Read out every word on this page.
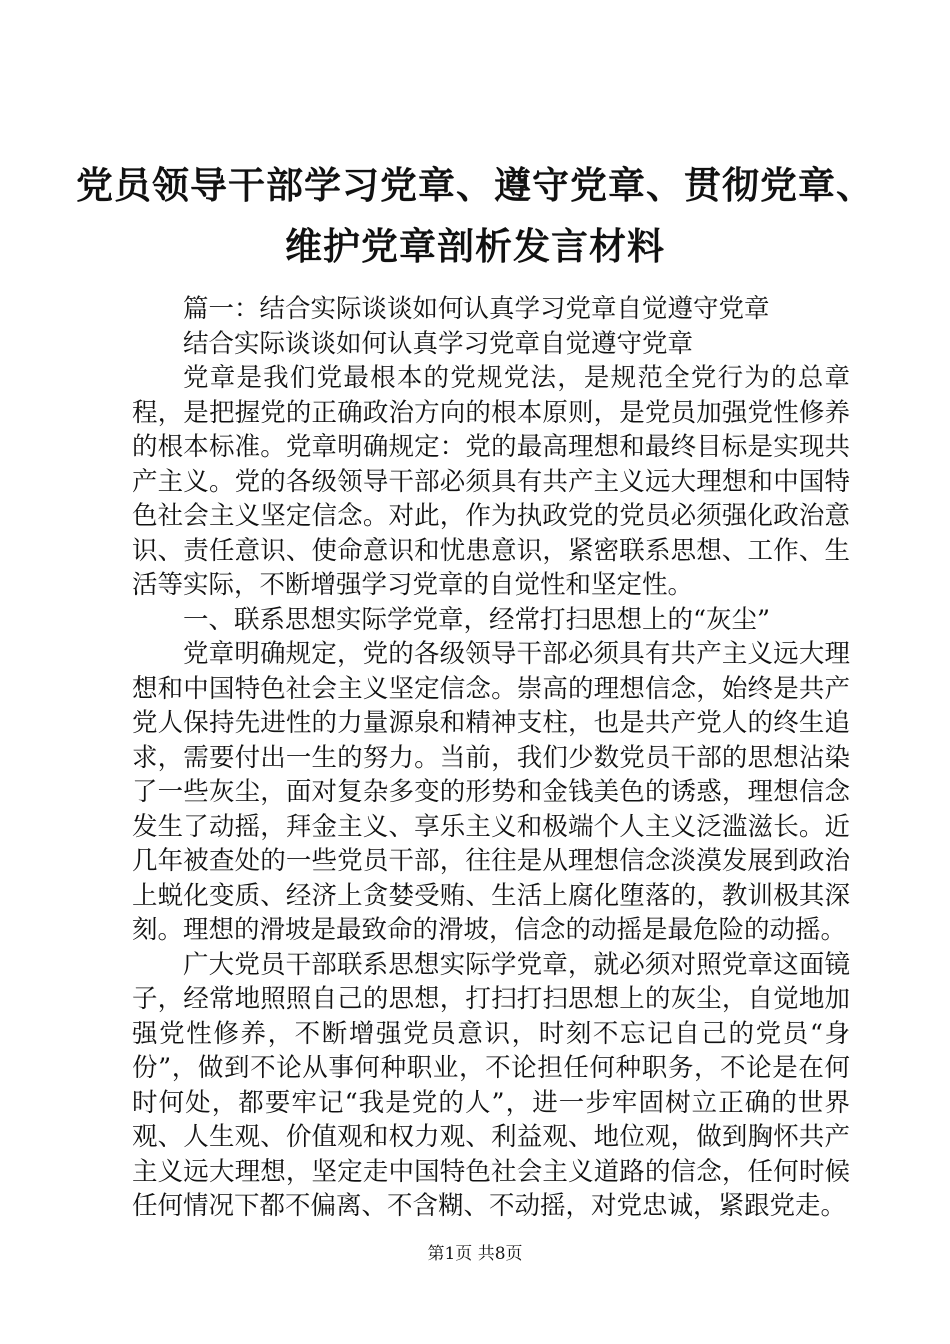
党员领导干部学习党章、遵守党章、贯彻党章、
维护党章剖析发言材料

篇一：结合实际谈谈如何认真学习党章自觉遵守党章

结合实际谈谈如何认真学习党章自觉遵守党章

党章是我们党最根本的党规党法，是规范全党行为的总章程，是把握党的正确政治方向的根本原则，是党员加强党性修养的根本标准。党章明确规定：党的最高理想和最终目标是实现共产主义。党的各级领导干部必须具有共产主义远大理想和中国特色社会主义坚定信念。对此，作为执政党的党员必须强化政治意识、责任意识、使命意识和忧患意识，紧密联系思想、工作、生活等实际，不断增强学习党章的自觉性和坚定性。

一、联系思想实际学党章，经常打扫思想上的“灰尘”

党章明确规定，党的各级领导干部必须具有共产主义远大理想和中国特色社会主义坚定信念。崇高的理想信念，始终是共产党人保持先进性的力量源泉和精神支柱，也是共产党人的终生追求，需要付出一生的努力。当前，我们少数党员干部的思想沾染了一些灰尘，面对复杂多变的形势和金钱美色的诱惑，理想信念发生了动摇，拜金主义、享乐主义和极端个人主义泛滥滋长。近几年被查处的一些党员干部，往往是从理想信念淡漠发展到政治上蜕化变质、经济上贪婪受贿、生活上腐化堕落的，教训极其深刻。理想的滑坡是最致命的滑坡，信念的动摇是最危险的动摇。

广大党员干部联系思想实际学党章，就必须对照党章这面镜子，经常地照照自己的思想，打扫打扫思想上的灰尘，自觉地加强党性修养，不断增强党员意识，时刻不忘记自己的党员“身份”，做到不论从事何种职业，不论担任何种职务，不论是在何时何处，都要牢记“我是党的人”，进一步牢固树立正确的世界观、人生观、价值观和权力观、利益观、地位观，做到胸怀共产主义远大理想，坚定走中国特色社会主义道路的信念，任何时候任何情况下都不偏离、不含糊、不动摇，对党忠诚，紧跟党走。

第1页 共8页
